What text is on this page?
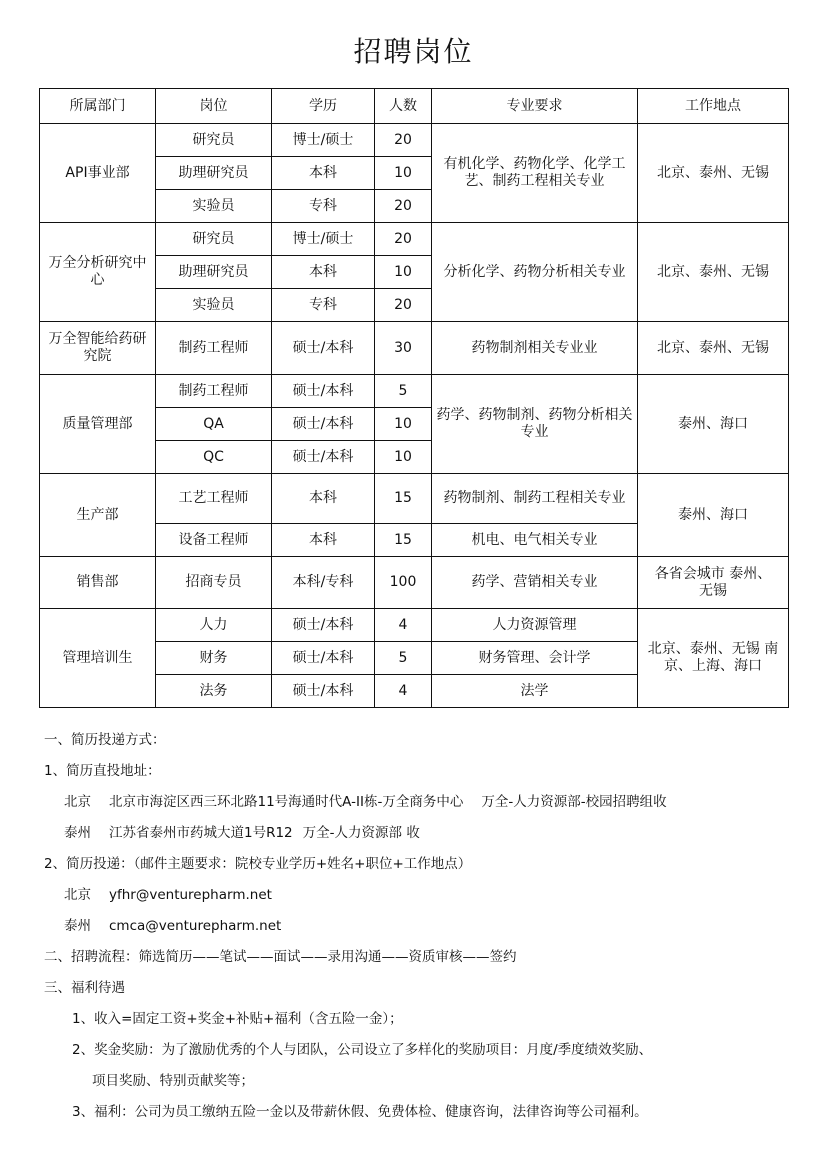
招聘岗位
所属部门	岗位	学历	人数	专业要求	工作地点
API事业部	研究员	博士/硕士	20	有机化学、药物化学、化学工艺、制药工程相关专业	北京、泰州、无锡
	助理研究员	本科	10		
	实验员	专科	20		
万全分析研究中心	研究员	博士/硕士	20	分析化学、药物分析相关专业	北京、泰州、无锡
	助理研究员	本科	10		
	实验员	专科	20		
万全智能给药研究院	制药工程师	硕士/本科	30	药物制剂相关专业业	北京、泰州、无锡
质量管理部	制药工程师	硕士/本科	5	药学、药物制剂、药物分析相关专业	泰州、海口
	QA	硕士/本科	10		
	QC	硕士/本科	10		
生产部	工艺工程师	本科	15	药物制剂、制药工程相关专业	泰州、海口
	设备工程师	本科	15	机电、电气相关专业	
销售部	招商专员	本科/专科	100	药学、营销相关专业	各省会城市 泰州、无锡
管理培训生	人力	硕士/本科	4	人力资源管理	北京、泰州、无锡 南京、上海、海口
	财务	硕士/本科	5	财务管理、会计学	
	法务	硕士/本科	4	法学	
一、简历投递方式：
1、简历直投地址：
北京 北京市海淀区西三环北路11号海通时代A-II栋-万全商务中心 万全-人力资源部-校园招聘组收
泰州 江苏省泰州市药城大道1号R12 万全-人力资源部 收
2、简历投递：（邮件主题要求：院校专业学历+姓名+职位+工作地点）
北京 yfhr@venturepharm.net
泰州 cmca@venturepharm.net
二、招聘流程：筛选简历——笔试——面试——录用沟通——资质审核——签约
三、福利待遇
1、收入=固定工资+奖金+补贴+福利（含五险一金）；
2、奖金奖励：为了激励优秀的个人与团队，公司设立了多样化的奖励项目：月度/季度绩效奖励、
项目奖励、特别贡献奖等；
3、福利：公司为员工缴纳五险一金以及带薪休假、免费体检、健康咨询，法律咨询等公司福利。
